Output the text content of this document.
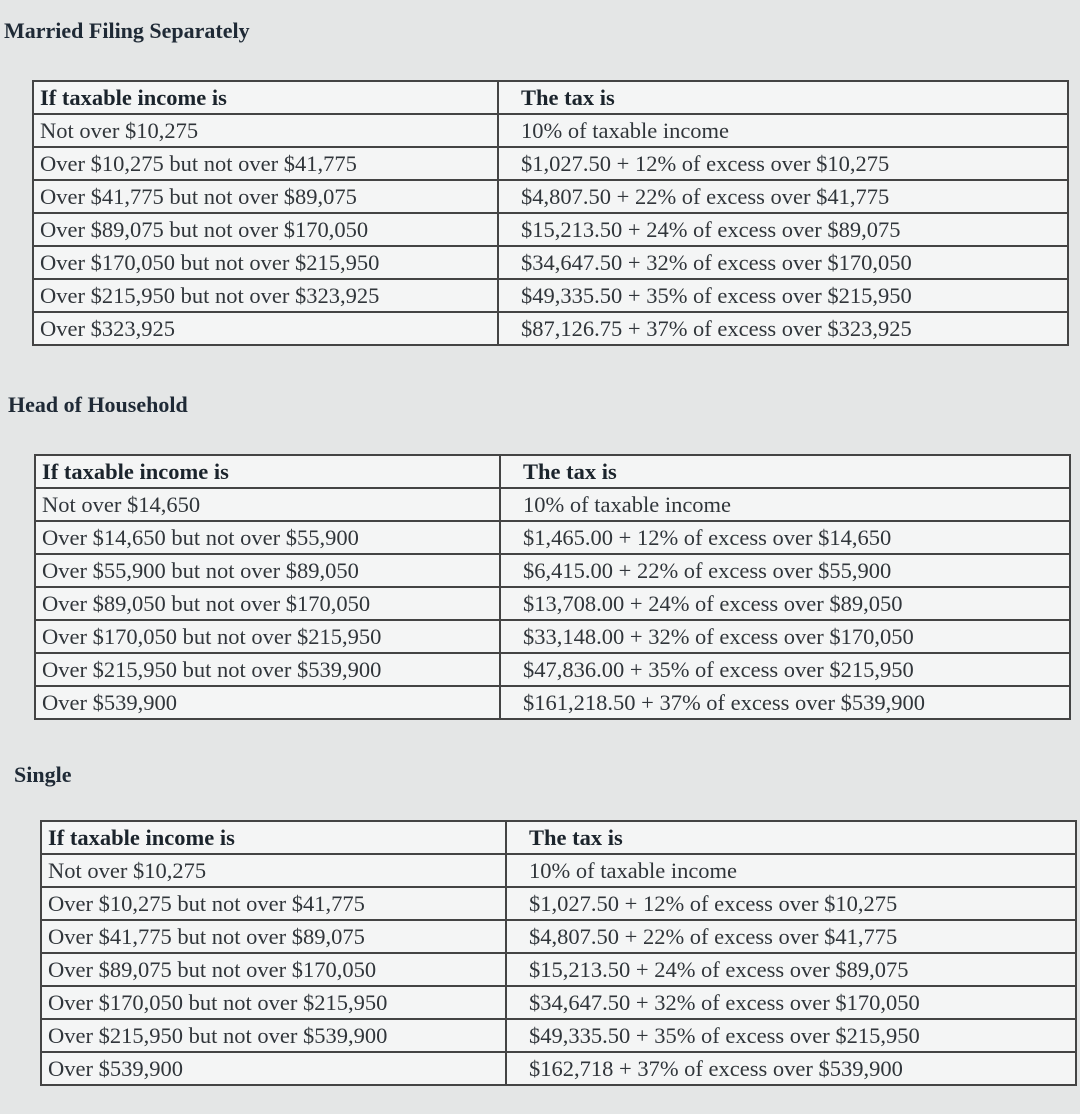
Married Filing Separately
If taxable income is	The tax is
Not over $10,275	10% of taxable income
Over $10,275 but not over $41,775	$1,027.50 + 12% of excess over $10,275
Over $41,775 but not over $89,075	$4,807.50 + 22% of excess over $41,775
Over $89,075 but not over $170,050	$15,213.50 + 24% of excess over $89,075
Over $170,050 but not over $215,950	$34,647.50 + 32% of excess over $170,050
Over $215,950 but not over $323,925	$49,335.50 + 35% of excess over $215,950
Over $323,925	$87,126.75 + 37% of excess over $323,925
Head of Household
If taxable income is	The tax is
Not over $14,650	10% of taxable income
Over $14,650 but not over $55,900	$1,465.00 + 12% of excess over $14,650
Over $55,900 but not over $89,050	$6,415.00 + 22% of excess over $55,900
Over $89,050 but not over $170,050	$13,708.00 + 24% of excess over $89,050
Over $170,050 but not over $215,950	$33,148.00 + 32% of excess over $170,050
Over $215,950 but not over $539,900	$47,836.00 + 35% of excess over $215,950
Over $539,900	$161,218.50 + 37% of excess over $539,900
Single
If taxable income is	The tax is
Not over $10,275	10% of taxable income
Over $10,275 but not over $41,775	$1,027.50 + 12% of excess over $10,275
Over $41,775 but not over $89,075	$4,807.50 + 22% of excess over $41,775
Over $89,075 but not over $170,050	$15,213.50 + 24% of excess over $89,075
Over $170,050 but not over $215,950	$34,647.50 + 32% of excess over $170,050
Over $215,950 but not over $539,900	$49,335.50 + 35% of excess over $215,950
Over $539,900	$162,718 + 37% of excess over $539,900
